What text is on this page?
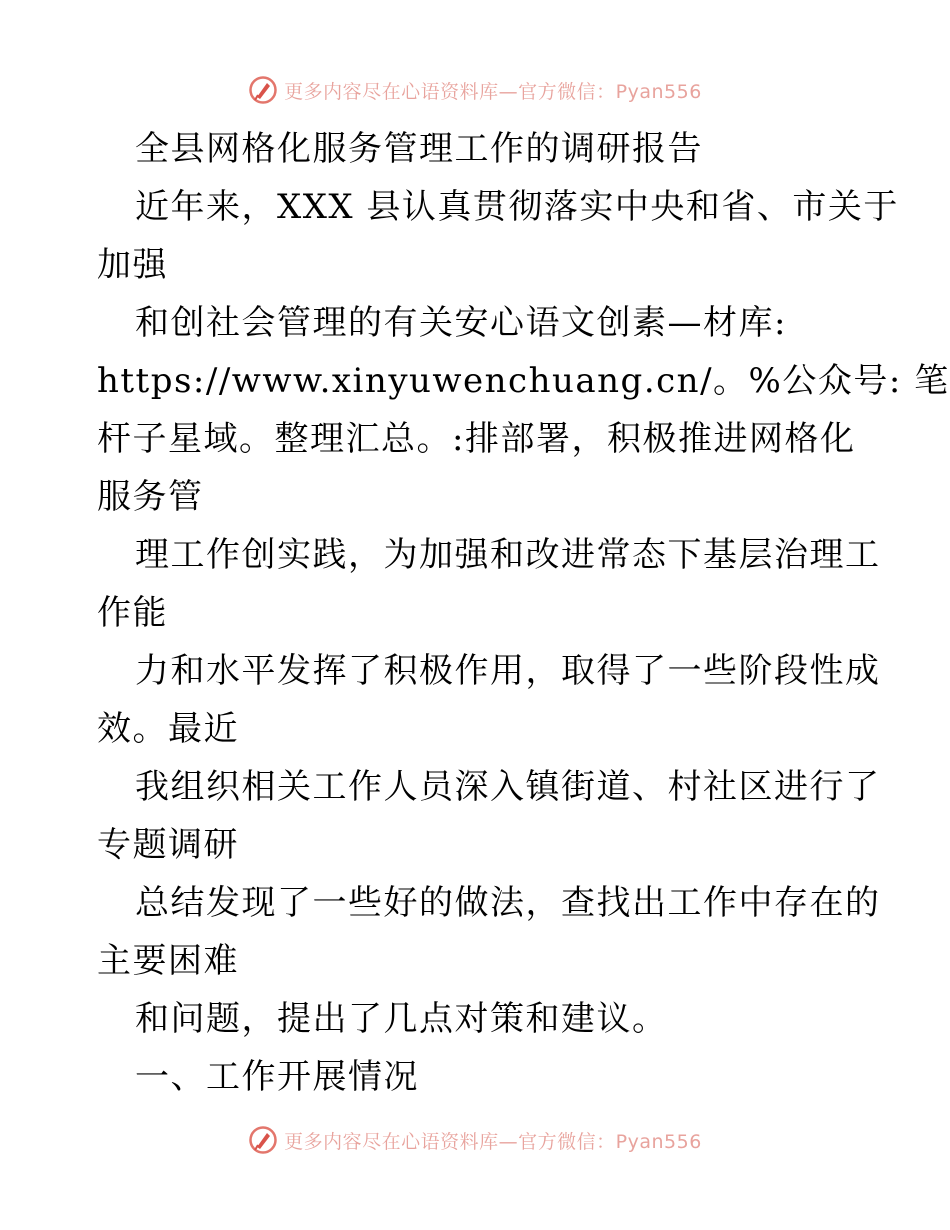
更多内容尽在心语资料库—官方微信：Pyan556
全县网格化服务管理工作的调研报告
近年来，XXX 县认真贯彻落实中央和省、市关于
加强
和创社会管理的有关安心语文创素—材库:
https://www.xinyuwenchuang.cn/。%公众号: 笔
杆子星域。整理汇总。:排部署，积极推进网格化
服务管
理工作创实践，为加强和改进常态下基层治理工
作能
力和水平发挥了积极作用，取得了一些阶段性成
效。最近
我组织相关工作人员深入镇街道、村社区进行了
专题调研
总结发现了一些好的做法，查找出工作中存在的
主要困难
和问题，提出了几点对策和建议。
一、工作开展情况
更多内容尽在心语资料库—官方微信：Pyan556
